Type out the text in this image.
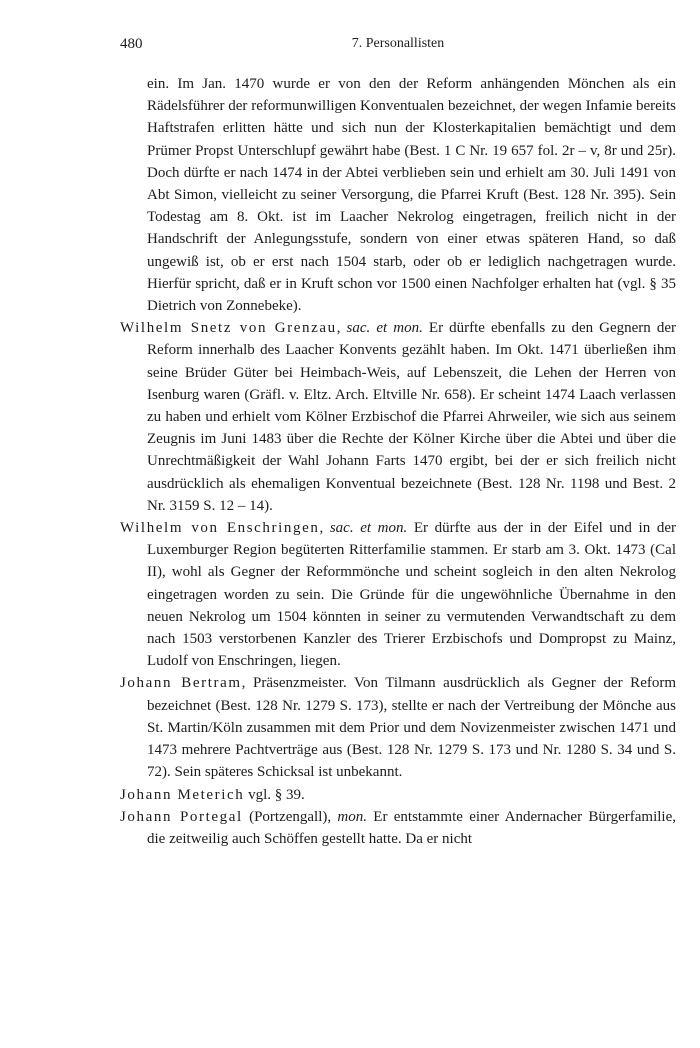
480	7. Personallisten

ein. Im Jan. 1470 wurde er von den der Reform anhängenden Mönchen als ein Rädelsführer der reformunwilligen Konventualen bezeichnet, der wegen Infamie bereits Haftstrafen erlitten hätte und sich nun der Klosterkapitalien bemächtigt und dem Prümer Propst Unterschlupf gewährt habe (Best. 1 C Nr. 19 657 fol. 2r – v, 8r und 25r). Doch dürfte er nach 1474 in der Abtei verblieben sein und erhielt am 30. Juli 1491 von Abt Simon, vielleicht zu seiner Versorgung, die Pfarrei Kruft (Best. 128 Nr. 395). Sein Todestag am 8. Okt. ist im Laacher Nekrolog eingetragen, freilich nicht in der Handschrift der Anlegungsstufe, sondern von einer etwas späteren Hand, so daß ungewiß ist, ob er erst nach 1504 starb, oder ob er lediglich nachgetragen wurde. Hierfür spricht, daß er in Kruft schon vor 1500 einen Nachfolger erhalten hat (vgl. § 35 Dietrich von Zonnebeke).

Wilhelm Snetz von Grenzau, sac. et mon. Er dürfte ebenfalls zu den Gegnern der Reform innerhalb des Laacher Konvents gezählt haben. Im Okt. 1471 überließen ihm seine Brüder Güter bei Heimbach-Weis, auf Lebenszeit, die Lehen der Herren von Isenburg waren (Gräfl. v. Eltz. Arch. Eltville Nr. 658). Er scheint 1474 Laach verlassen zu haben und erhielt vom Kölner Erzbischof die Pfarrei Ahrweiler, wie sich aus seinem Zeugnis im Juni 1483 über die Rechte der Kölner Kirche über die Abtei und über die Unrechtmäßigkeit der Wahl Johann Farts 1470 ergibt, bei der er sich freilich nicht ausdrücklich als ehemaligen Konventual bezeichnete (Best. 128 Nr. 1198 und Best. 2 Nr. 3159 S. 12 – 14).

Wilhelm von Enschringen, sac. et mon. Er dürfte aus der in der Eifel und in der Luxemburger Region begüterten Ritterfamilie stammen. Er starb am 3. Okt. 1473 (Cal II), wohl als Gegner der Reformmönche und scheint sogleich in den alten Nekrolog eingetragen worden zu sein. Die Gründe für die ungewöhnliche Übernahme in den neuen Nekrolog um 1504 könnten in seiner zu vermutenden Verwandtschaft zu dem nach 1503 verstorbenen Kanzler des Trierer Erzbischofs und Dompropst zu Mainz, Ludolf von Enschringen, liegen.

Johann Bertram, Präsenzmeister. Von Tilmann ausdrücklich als Gegner der Reform bezeichnet (Best. 128 Nr. 1279 S. 173), stellte er nach der Vertreibung der Mönche aus St. Martin/Köln zusammen mit dem Prior und dem Novizenmeister zwischen 1471 und 1473 mehrere Pachtverträge aus (Best. 128 Nr. 1279 S. 173 und Nr. 1280 S. 34 und S. 72). Sein späteres Schicksal ist unbekannt.

Johann Meterich vgl. § 39.

Johann Portegal (Portzengall), mon. Er entstammte einer Andernacher Bürgerfamilie, die zeitweilig auch Schöffen gestellt hatte. Da er nicht
